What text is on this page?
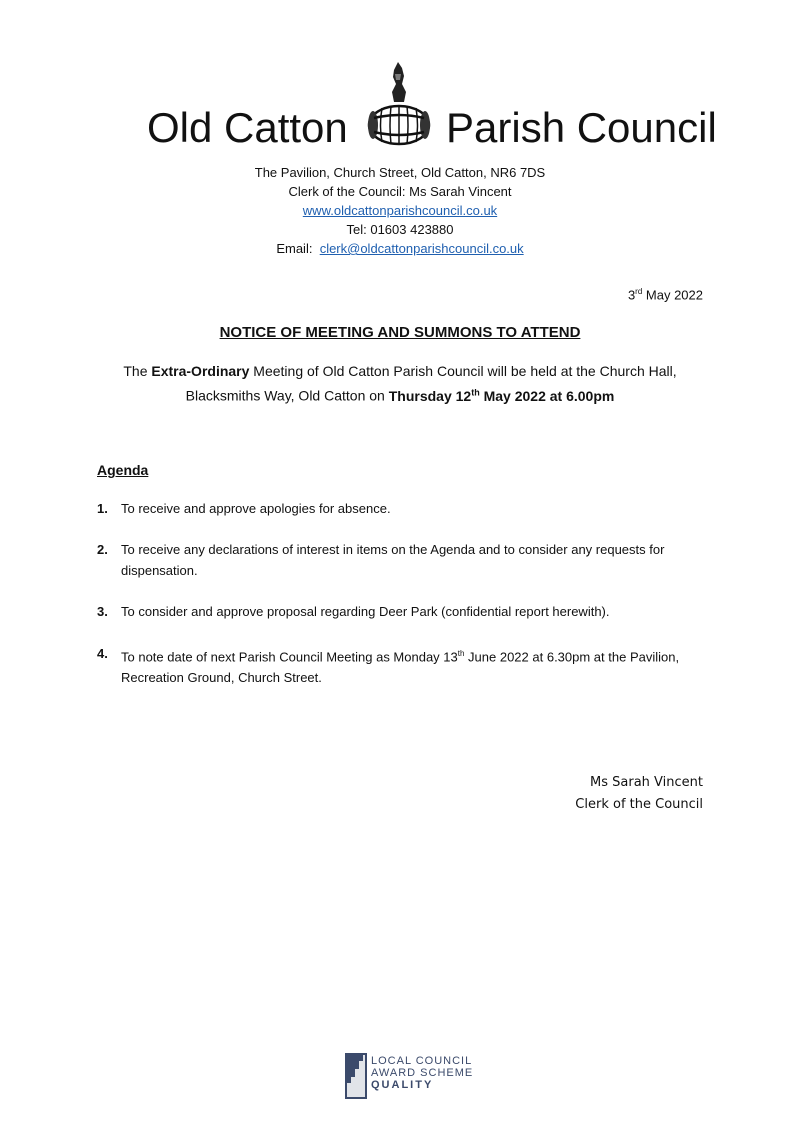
Old Catton Parish Council
The Pavilion, Church Street, Old Catton, NR6 7DS
Clerk of the Council: Ms Sarah Vincent
www.oldcattonparishcouncil.co.uk
Tel: 01603 423880
Email: clerk@oldcattonparishcouncil.co.uk
3rd May 2022
NOTICE OF MEETING AND SUMMONS TO ATTEND
The Extra-Ordinary Meeting of Old Catton Parish Council will be held at the Church Hall,
Blacksmiths Way, Old Catton on Thursday 12th May 2022 at 6.00pm
Agenda
1. To receive and approve apologies for absence.
2. To receive any declarations of interest in items on the Agenda and to consider any requests for dispensation.
3. To consider and approve proposal regarding Deer Park (confidential report herewith).
4. To note date of next Parish Council Meeting as Monday 13th June 2022 at 6.30pm at the Pavilion, Recreation Ground, Church Street.
Ms Sarah Vincent
Clerk of the Council
LOCAL COUNCIL
AWARD SCHEME
QUALITY
